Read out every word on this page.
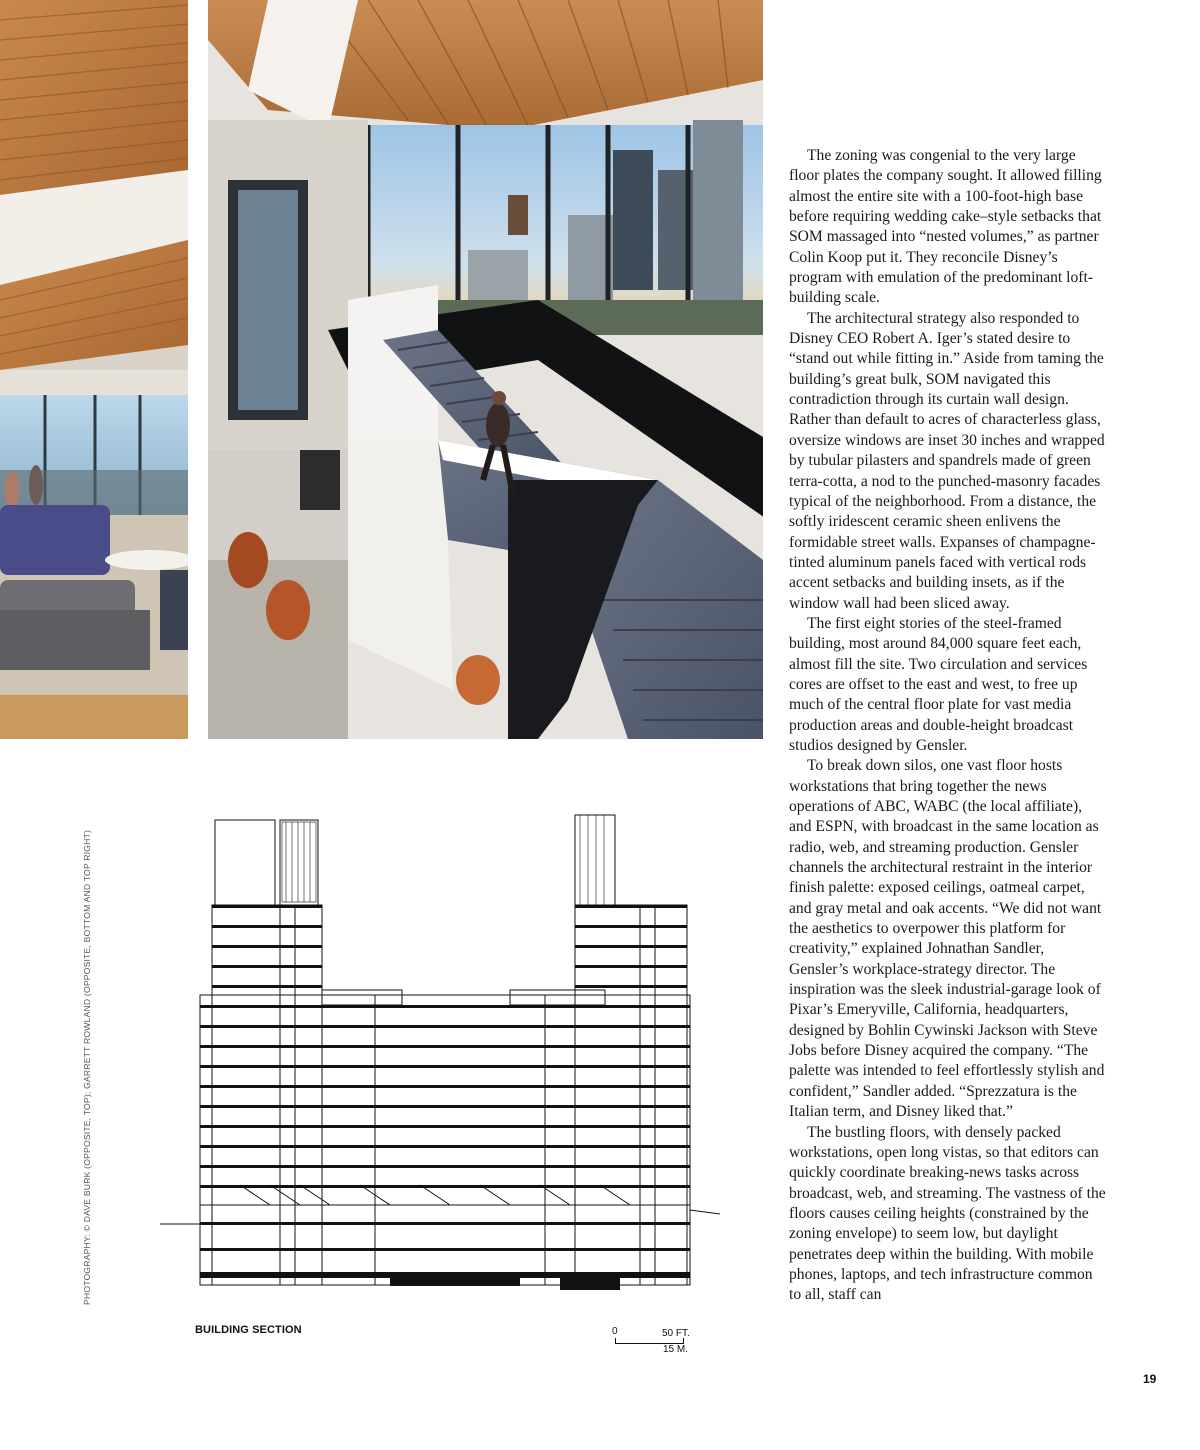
The zoning was congenial to the very large floor plates the company sought. It allowed filling almost the entire site with a 100-foot-high base before requiring wedding cake–style setbacks that SOM massaged into “nested volumes,” as partner Colin Koop put it. They reconcile Disney’s program with emulation of the predominant loft-building scale.

The architectural strategy also responded to Disney CEO Robert A. Iger’s stated desire to “stand out while fitting in.” Aside from taming the building’s great bulk, SOM navigated this contradiction through its curtain wall design. Rather than default to acres of characterless glass, oversize windows are inset 30 inches and wrapped by tubular pilasters and spandrels made of green terra-cotta, a nod to the punched-masonry facades typical of the neighborhood. From a distance, the softly iridescent ceramic sheen enlivens the formidable street walls. Expanses of champagne-tinted aluminum panels faced with vertical rods accent setbacks and building insets, as if the window wall had been sliced away.

The first eight stories of the steel-framed building, most around 84,000 square feet each, almost fill the site. Two circulation and services cores are offset to the east and west, to free up much of the central floor plate for vast media production areas and double-height broadcast studios designed by Gensler.

To break down silos, one vast floor hosts workstations that bring together the news operations of ABC, WABC (the local affiliate), and ESPN, with broadcast in the same location as radio, web, and streaming production. Gensler channels the architectural restraint in the interior finish palette: exposed ceilings, oatmeal carpet, and gray metal and oak accents. “We did not want the aesthetics to overpower this platform for creativity,” explained Johnathan Sandler, Gensler’s workplace-strategy director. The inspiration was the sleek industrial-garage look of Pixar’s Emeryville, California, headquarters, designed by Bohlin Cywinski Jackson with Steve Jobs before Disney acquired the company. “The palette was intended to feel effortlessly stylish and confident,” Sandler added. “Sprezzatura is the Italian term, and Disney liked that.”

The bustling floors, with densely packed workstations, open long vistas, so that editors can quickly coordinate breaking-news tasks across broadcast, web, and streaming. The vastness of the floors causes ceiling heights (constrained by the zoning envelope) to seem low, but daylight penetrates deep within the building. With mobile phones, laptops, and tech infrastructure common to all, staff can

PHOTOGRAPHY: © DAVE BURK (OPPOSITE, TOP); GARRETT ROWLAND (OPPOSITE, BOTTOM AND TOP RIGHT)
BUILDING SECTION	0	50 FT.
15 M.
19
